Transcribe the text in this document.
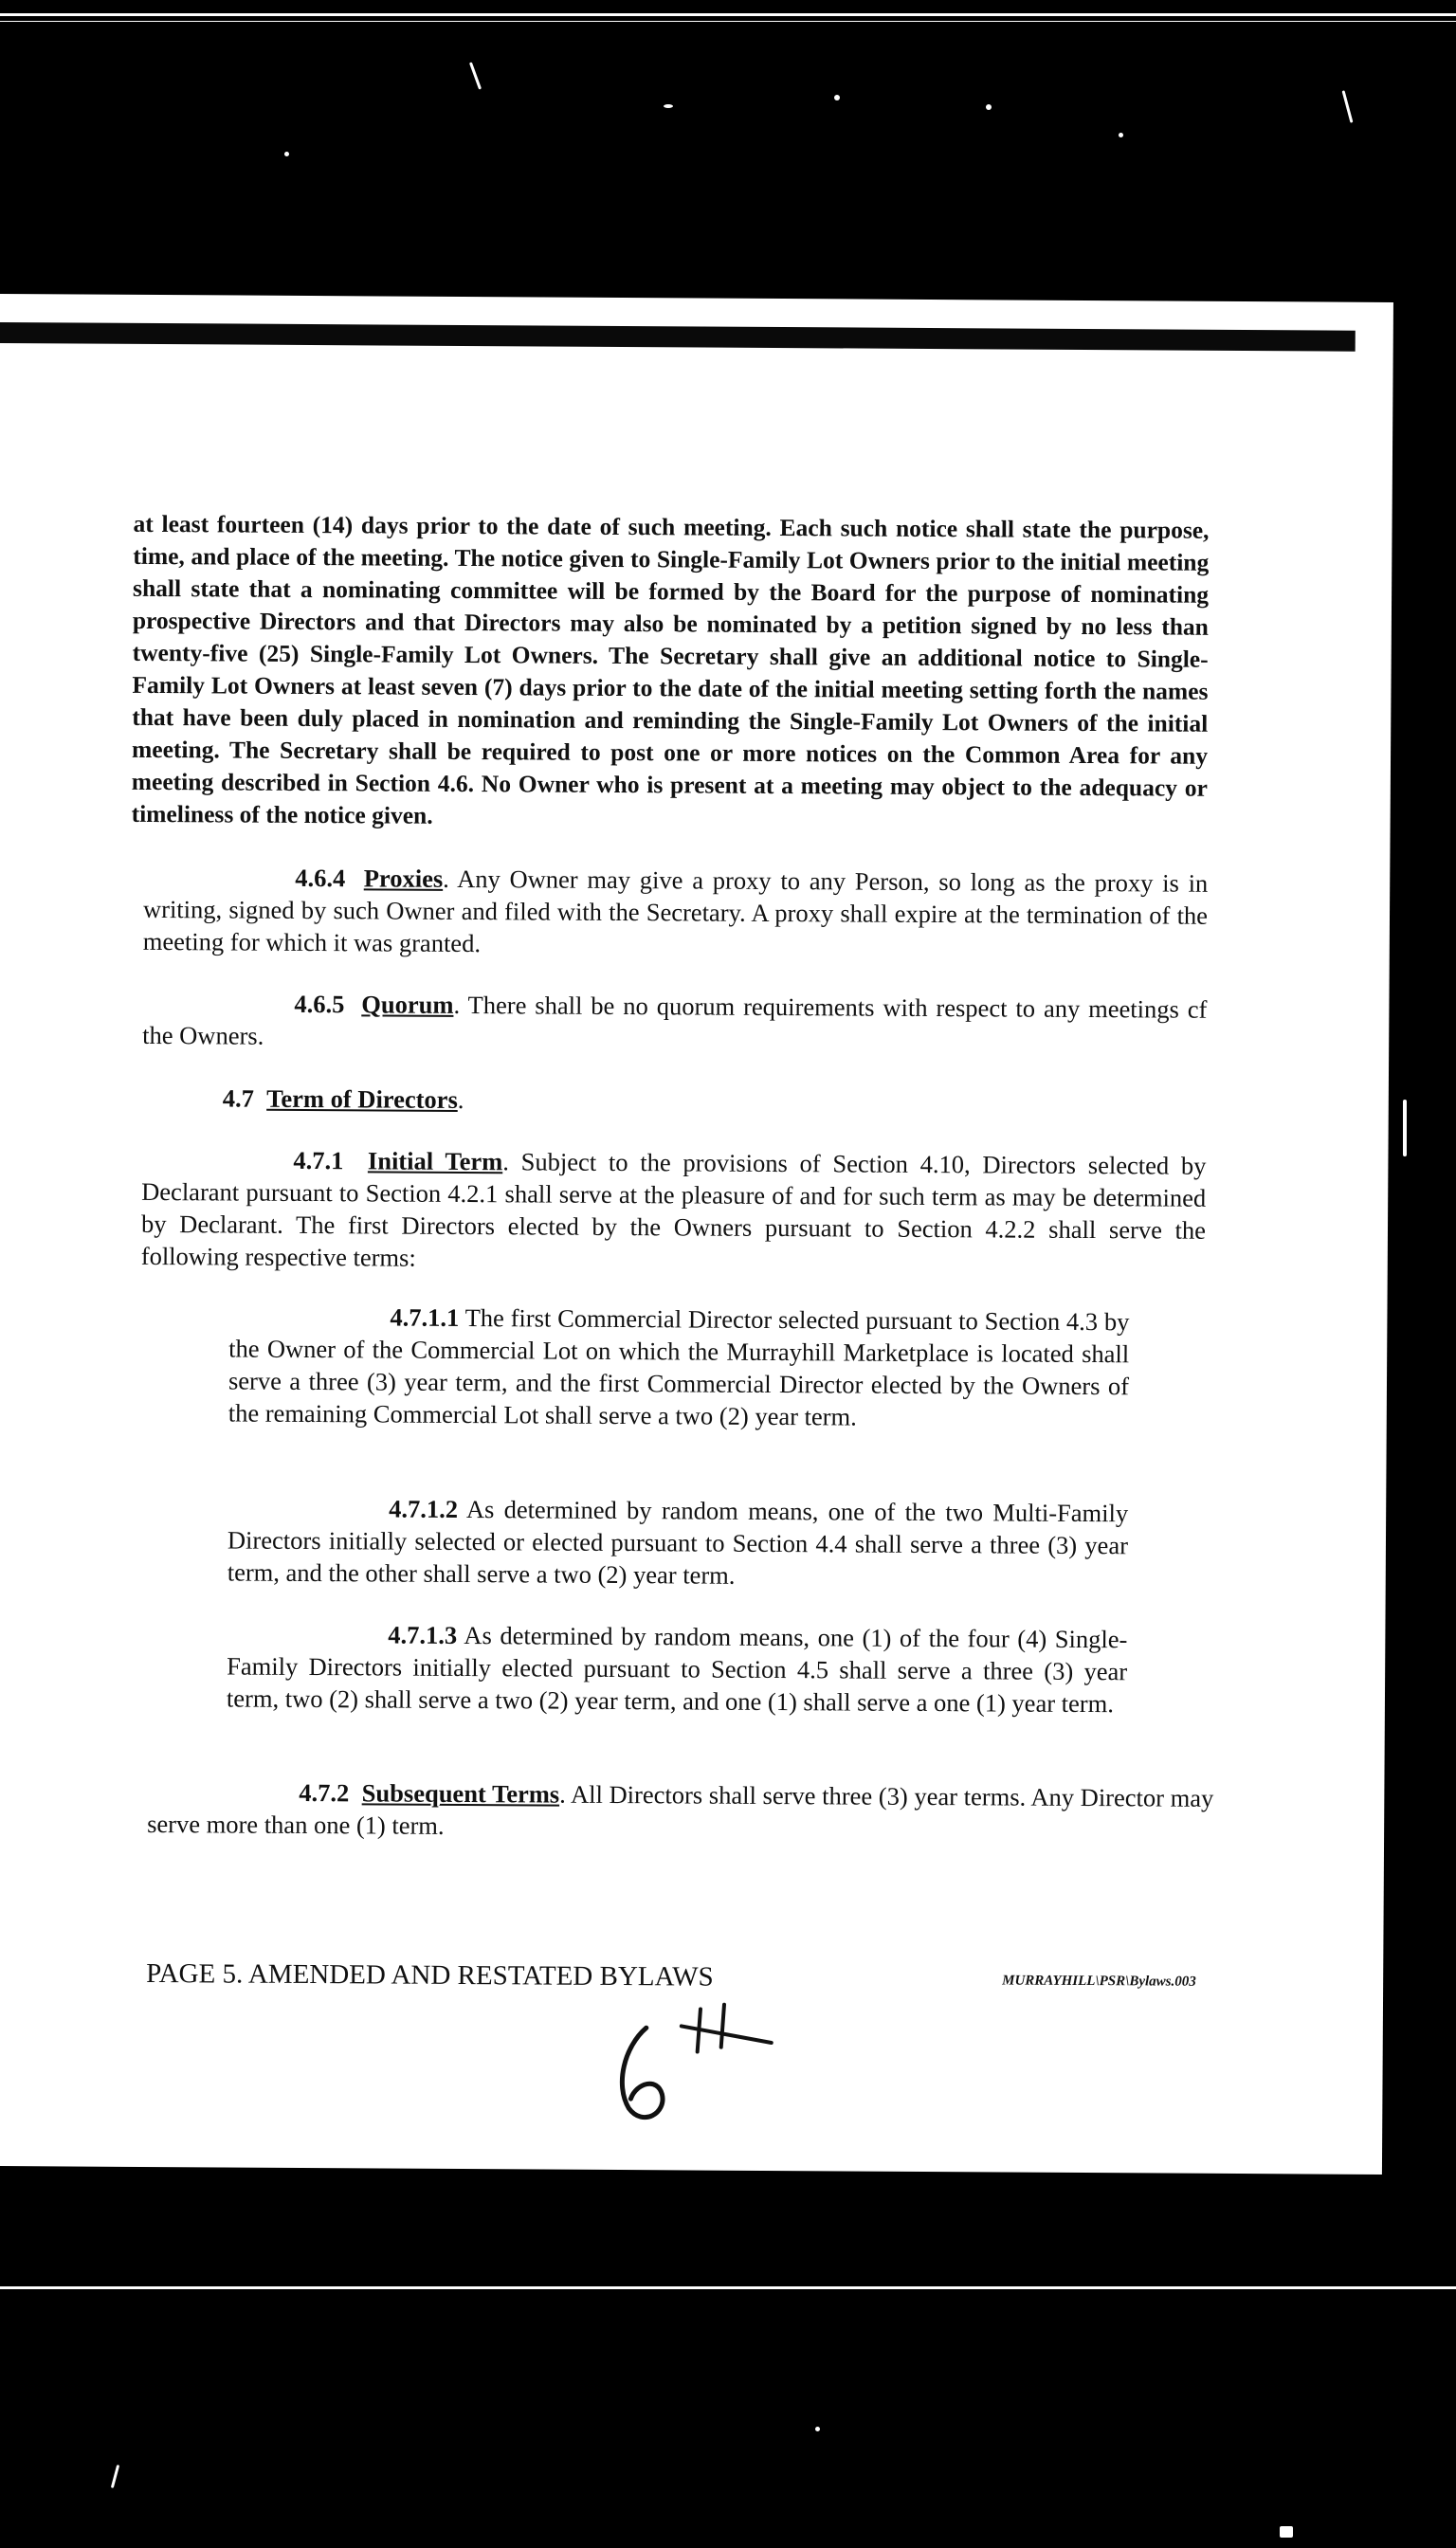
at least fourteen (14) days prior to the date of such meeting. Each such notice shall state the purpose, time, and place of the meeting. The notice given to Single-Family Lot Owners prior to the initial meeting shall state that a nominating committee will be formed by the Board for the purpose of nominating prospective Directors and that Directors may also be nominated by a petition signed by no less than twenty-five (25) Single-Family Lot Owners. The Secretary shall give an additional notice to Single-Family Lot Owners at least seven (7) days prior to the date of the initial meeting setting forth the names that have been duly placed in nomination and reminding the Single-Family Lot Owners of the initial meeting. The Secretary shall be required to post one or more notices on the Common Area for any meeting described in Section 4.6. No Owner who is present at a meeting may object to the adequacy or timeliness of the notice given.

4.6.4 Proxies. Any Owner may give a proxy to any Person, so long as the proxy is in writing, signed by such Owner and filed with the Secretary. A proxy shall expire at the termination of the meeting for which it was granted.

4.6.5 Quorum. There shall be no quorum requirements with respect to any meetings cf the Owners.

4.7 Term of Directors.

4.7.1 Initial Term. Subject to the provisions of Section 4.10, Directors selected by Declarant pursuant to Section 4.2.1 shall serve at the pleasure of and for such term as may be determined by Declarant. The first Directors elected by the Owners pursuant to Section 4.2.2 shall serve the following respective terms:

4.7.1.1 The first Commercial Director selected pursuant to Section 4.3 by the Owner of the Commercial Lot on which the Murrayhill Marketplace is located shall serve a three (3) year term, and the first Commercial Director elected by the Owners of the remaining Commercial Lot shall serve a two (2) year term.

4.7.1.2 As determined by random means, one of the two Multi-Family Directors initially selected or elected pursuant to Section 4.4 shall serve a three (3) year term, and the other shall serve a two (2) year term.

4.7.1.3 As determined by random means, one (1) of the four (4) Single-Family Directors initially elected pursuant to Section 4.5 shall serve a three (3) year term, two (2) shall serve a two (2) year term, and one (1) shall serve a one (1) year term.

4.7.2 Subsequent Terms. All Directors shall serve three (3) year terms. Any Director may serve more than one (1) term.

PAGE 5. AMENDED AND RESTATED BYLAWS	MURRAYHILL\PSR\Bylaws.003
